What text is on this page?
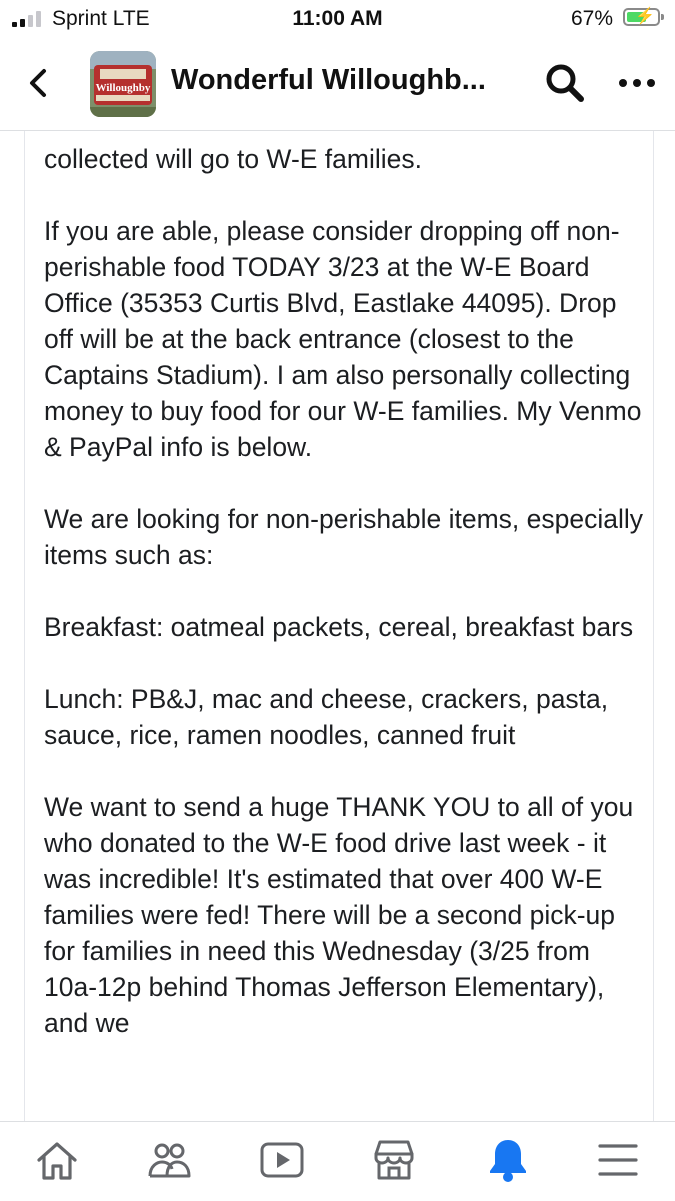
Sprint LTE	11:00 AM	67% ⚡
Willoughby Wonderful Willoughb...

collected will go to W-E families.

If you are able, please consider dropping off non-perishable food TODAY 3/23 at the W-E Board Office (35353 Curtis Blvd, Eastlake 44095). Drop off will be at the back entrance (closest to the Captains Stadium). I am also personally collecting money to buy food for our W-E families. My Venmo & PayPal info is below.

We are looking for non-perishable items, especially items such as:

Breakfast: oatmeal packets, cereal, breakfast bars

Lunch: PB&J, mac and cheese, crackers, pasta, sauce, rice, ramen noodles, canned fruit

We want to send a huge THANK YOU to all of you who donated to the W-E food drive last week - it was incredible! It's estimated that over 400 W-E families were fed! There will be a second pick-up for families in need this Wednesday (3/25 from 10a-12p behind Thomas Jefferson Elementary), and we
